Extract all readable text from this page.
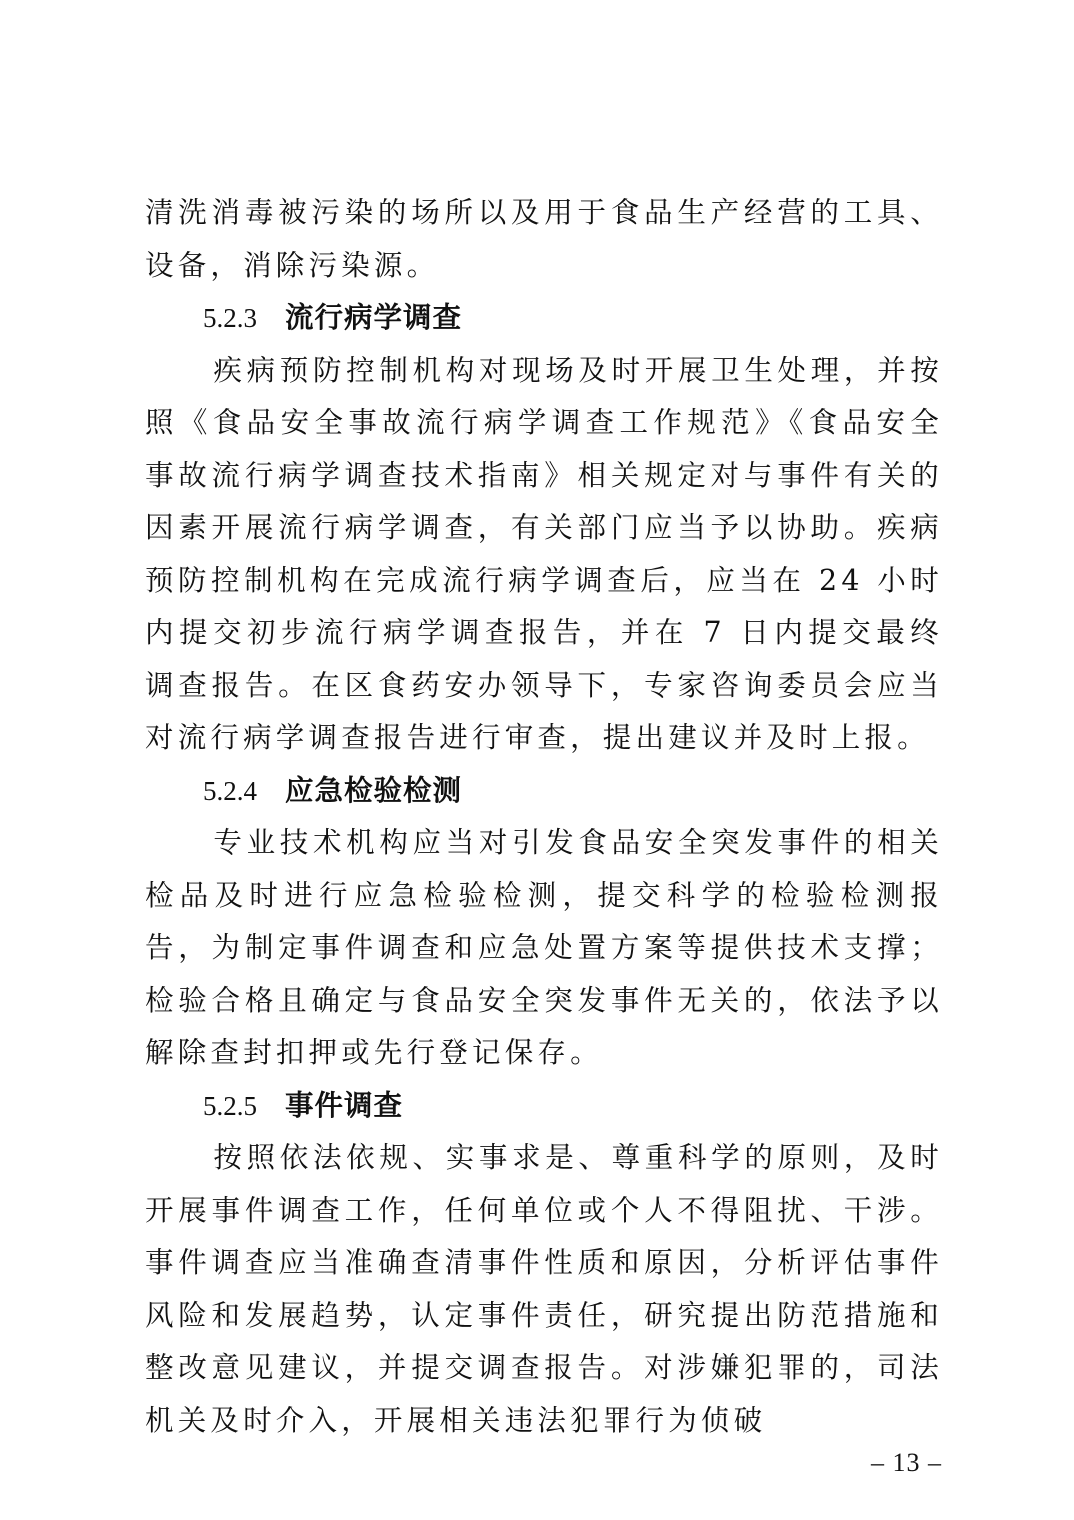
清洗消毒被污染的场所以及用于食品生产经营的工具、设备，消除污染源。

5.2.3 流行病学调查

疾病预防控制机构对现场及时开展卫生处理，并按照《食品安全事故流行病学调查工作规范》《食品安全事故流行病学调查技术指南》相关规定对与事件有关的因素开展流行病学调查，有关部门应当予以协助。疾病预防控制机构在完成流行病学调查后，应当在 24 小时内提交初步流行病学调查报告，并在 7 日内提交最终调查报告。在区食药安办领导下，专家咨询委员会应当对流行病学调查报告进行审查，提出建议并及时上报。

5.2.4 应急检验检测

专业技术机构应当对引发食品安全突发事件的相关检品及时进行应急检验检测，提交科学的检验检测报告，为制定事件调查和应急处置方案等提供技术支撑；检验合格且确定与食品安全突发事件无关的，依法予以解除查封扣押或先行登记保存。

5.2.5 事件调查

按照依法依规、实事求是、尊重科学的原则，及时开展事件调查工作，任何单位或个人不得阻扰、干涉。事件调查应当准确查清事件性质和原因，分析评估事件风险和发展趋势，认定事件责任，研究提出防范措施和整改意见建议，并提交调查报告。对涉嫌犯罪的，司法机关及时介入，开展相关违法犯罪行为侦破

– 13 –
